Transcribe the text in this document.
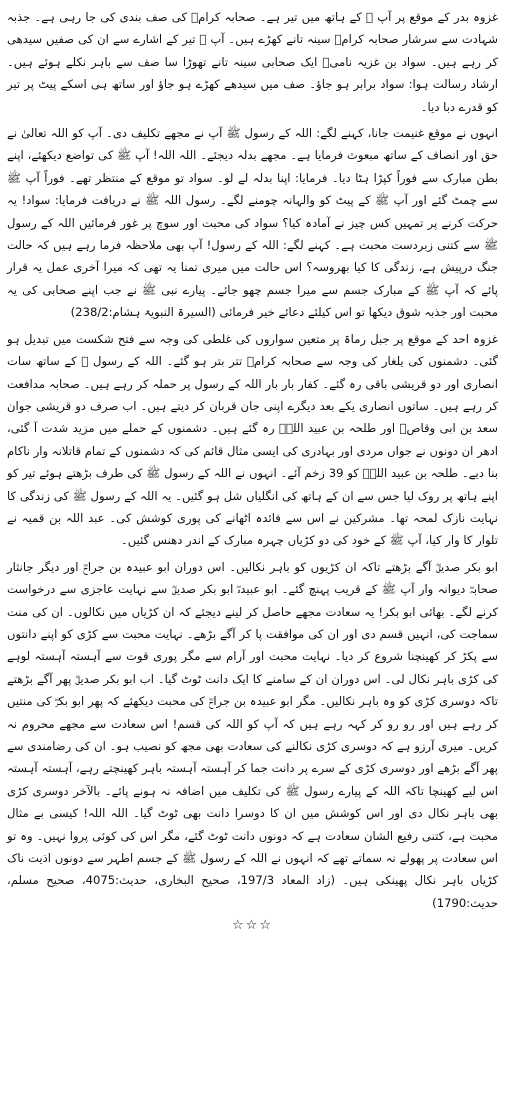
غزوہ بدر کے موقع پر آپ ﷺ کے ہاتھ میں تیر ہے۔ صحابہ کرامؓ کی صف بندی کی جا رہی ہے۔ جذبہ شہادت سے سرشار صحابہ کرامؓ سینہ تانے کھڑے ہیں۔ آپ ﷺ تیر کے اشارے سے ان کی صفیں سیدھی کر رہے ہیں۔ سواد بن غزیہ نامیؓ ایک صحابی سینہ تانے تھوڑا سا صف سے باہر نکلے ہوئے ہیں۔ ارشاد رسالت ہوا: سواد برابر ہو جاؤ۔ صف میں سیدھے کھڑے ہو جاؤ اور ساتھ ہی اسکے پیٹ پر تیر کو قدرے دبا دیا۔

انہوں نے موقع غنیمت جانا، کہنے لگے: اللہ کے رسول ﷺ آپ نے مجھے تکلیف دی۔ آپ کو اللہ تعالیٰ نے حق اور انصاف کے ساتھ مبعوث فرمایا ہے۔ مجھے بدلہ دیجئے۔ اللہ اللہ! آپ ﷺ کی تواضع دیکھئے، اپنے بطن مبارک سے فوراً کپڑا ہٹا دیا۔ فرمایا: اپنا بدلہ لے لو۔ سواد تو موقع کے منتظر تھے۔ فوراً آپ ﷺ سے چمٹ گئے اور آپ ﷺ کے پیٹ کو والہانہ چومنے لگے۔ رسول اللہ ﷺ نے دریافت فرمایا: سواد! یہ حرکت کرنے پر تمہیں کس چیز نے آمادہ کیا؟ سواد کی محبت اور سوچ پر غور فرمائیں اللہ کے رسول ﷺ سے کتنی زبردست محبت ہے۔ کہنے لگے: اللہ کے رسول! آپ بھی ملاحظہ فرما رہے ہیں کہ حالت جنگ درپیش ہے، زندگی کا کیا بھروسہ؟ اس حالت میں میری تمنا یہ تھی کہ میرا آخری عمل یہ قرار پائے کہ آپ ﷺ کے مبارک جسم سے میرا جسم چھو جائے۔ پیارے نبی ﷺ نے جب اپنے صحابی کی یہ محبت اور جذبہ شوق دیکھا تو اس کیلئے دعائے خیر فرمائی (السیرۃ النبویۃ ہشام:238/2)

غزوہ احد کے موقع پر جبل رماۃ پر متعین سواروں کی غلطی کی وجہ سے فتح شکست میں تبدیل ہو گئی۔ دشمنوں کی یلغار کی وجہ سے صحابہ کرامؓ تتر بتر ہو گئے۔ اللہ کے رسول ﷺ کے ساتھ سات انصاری اور دو قریشی باقی رہ گئے۔ کفار بار بار اللہ کے رسول پر حملہ کر رہے ہیں۔ صحابہ مدافعت کر رہے ہیں۔ ساتوں انصاری یکے بعد دیگرے اپنی جان قربان کر دیتے ہیں۔ اب صرف دو قریشی جوان سعد بن ابی وقاصؓ اور طلحہ بن عبید اللہؓ رہ گئے ہیں۔ دشمنوں کے حملے میں مزید شدت آ گئی، ادھر ان دونوں نے جواں مردی اور بہادری کی ایسی مثال قائم کی کہ دشمنوں کے تمام قاتلانہ وار ناکام بنا دیے۔ طلحہ بن عبید اللہؓ کو 39 زخم آئے۔ انہوں نے اللہ کے رسول ﷺ کی طرف بڑھتے ہوئے تیر کو اپنے ہاتھ پر روک لیا جس سے ان کے ہاتھ کی انگلیاں شل ہو گئیں۔ یہ اللہ کے رسول ﷺ کی زندگی کا نہایت نازک لمحہ تھا۔ مشرکین نے اس سے فائدہ اٹھانے کی پوری کوشش کی۔ عبد اللہ بن قمیہ نے تلوار کا وار کیا، آپ ﷺ کے خود کی دو کڑیاں چہرہ مبارک کے اندر دھنس گئیں۔

ابو بکر صدیقؓ آگے بڑھتے تاکہ ان کڑیوں کو باہر نکالیں۔ اس دوران ابو عبیدہ بن جراحؓ اور دیگر جانثار صحابہؓ دیوانہ وار آپ ﷺ کے قریب پہنچ گئے۔ ابو عبیدہؓ ابو بکر صدیقؓ سے نہایت عاجزی سے درخواست کرنے لگے۔ بھائی ابو بکر! یہ سعادت مجھے حاصل کر لینے دیجئے کہ ان کڑیاں میں نکالوں۔ ان کی منت سماجت کی، انہیں قسم دی اور ان کی موافقت پا کر آگے بڑھے۔ نہایت محبت سے کڑی کو اپنے دانتوں سے پکڑ کر کھینچنا شروع کر دیا۔ نہایت محبت اور آرام سے مگر پوری قوت سے آہستہ آہستہ لوہے کی کڑی باہر نکال لی۔ اس دوران ان کے سامنے کا ایک دانت ٹوٹ گیا۔ اب ابو بکر صدیقؓ پھر آگے بڑھتے تاکہ دوسری کڑی کو وہ باہر نکالیں۔ مگر ابو عبیدہ بن جراحؓ کی محبت دیکھئے کہ پھر ابو بکرؓ کی منتیں کر رہے ہیں اور رو رو کر کہہ رہے ہیں کہ آپ کو اللہ کی قسم! اس سعادت سے مجھے محروم نہ کریں۔ میری آرزو ہے کہ دوسری کڑی نکالنے کی سعادت بھی مجھ کو نصیب ہو۔ ان کی رضامندی سے پھر آگے بڑھے اور دوسری کڑی کے سرے پر دانت جما کر آہستہ آہستہ باہر کھینچتے رہے، آہستہ آہستہ اس لیے کھینچا تاکہ اللہ کے پیارے رسول ﷺ کی تکلیف میں اضافہ نہ ہونے پائے۔ بالآخر دوسری کڑی بھی باہر نکال دی اور اس کوشش میں ان کا دوسرا دانت بھی ٹوٹ گیا۔ اللہ اللہ! کیسی بے مثال محبت ہے، کتنی رفیع الشان سعادت ہے کہ دونوں دانت ٹوٹ گئے، مگر اس کی کوئی پروا نہیں۔ وہ تو اس سعادت پر پھولے نہ سماتے تھے کہ انہوں نے اللہ کے رسول ﷺ کے جسم اطہر سے دونوں اذیت ناک کڑیاں باہر نکال پھینکی ہیں۔ (زاد المعاد 197/3، صحیح البخاری، حدیث:4075، صحیح مسلم، حدیث:1790)

☆☆☆
